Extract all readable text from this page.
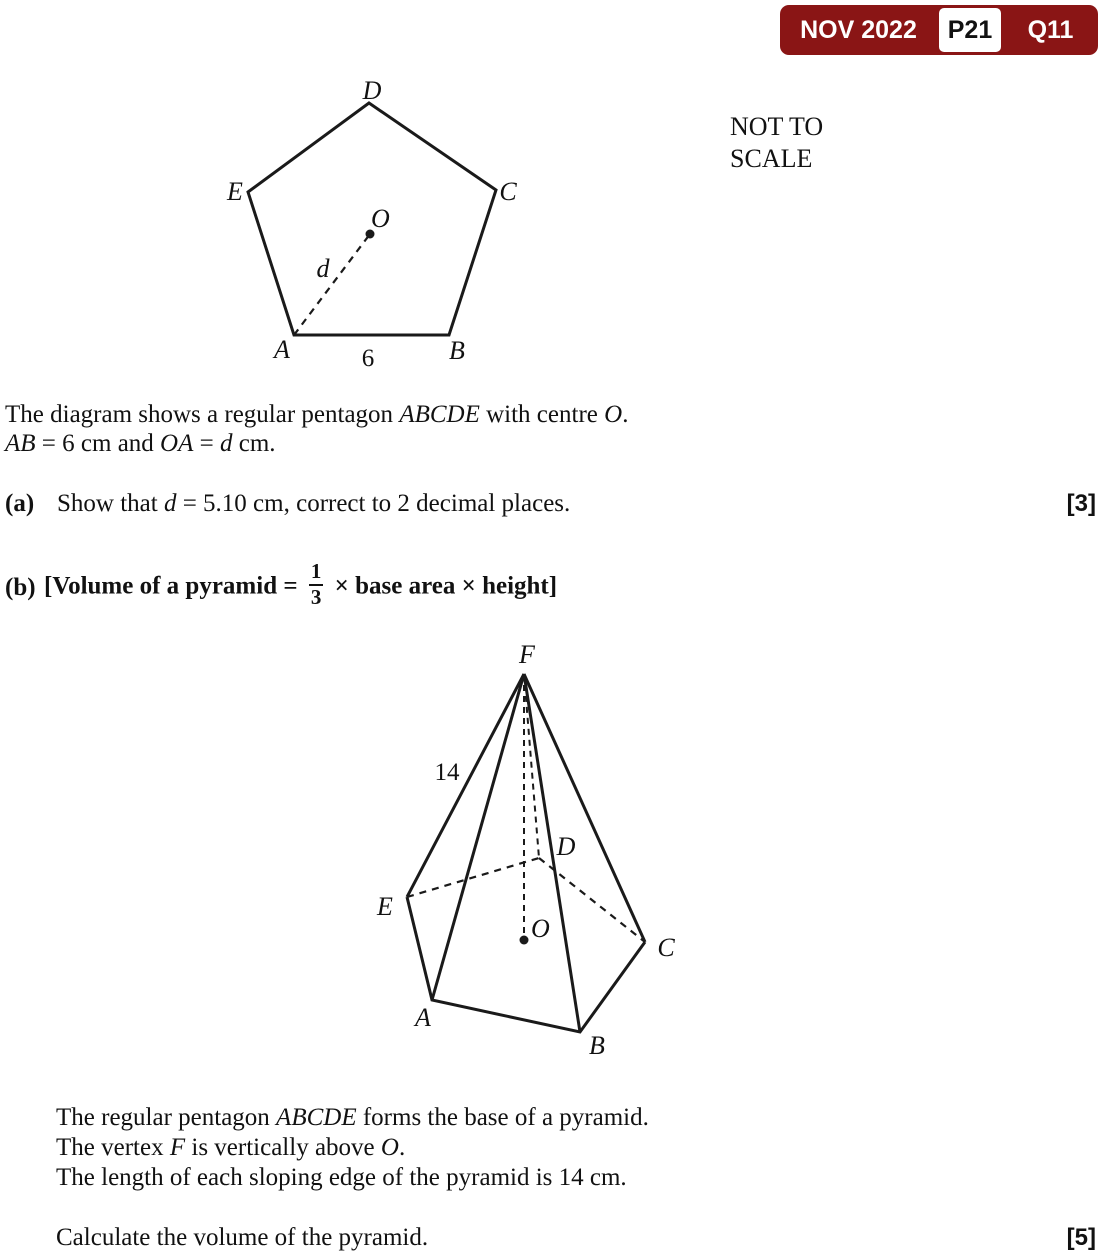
NOV 2022	P21	Q11
NOT TO
SCALE
D
E	C
A	B
O
d
6
The diagram shows a regular pentagon ABCDE with centre O.
AB = 6 cm and OA = d cm.
(a) Show that d = 5.10 cm, correct to 2 decimal places.	[3]
(b) [Volume of a pyramid = $\frac{1}{3}$ × base area × height]
F
14
D
E
O
C
A
B
The regular pentagon ABCDE forms the base of a pyramid.
The vertex F is vertically above O.
The length of each sloping edge of the pyramid is 14 cm.
Calculate the volume of the pyramid.	[5]
